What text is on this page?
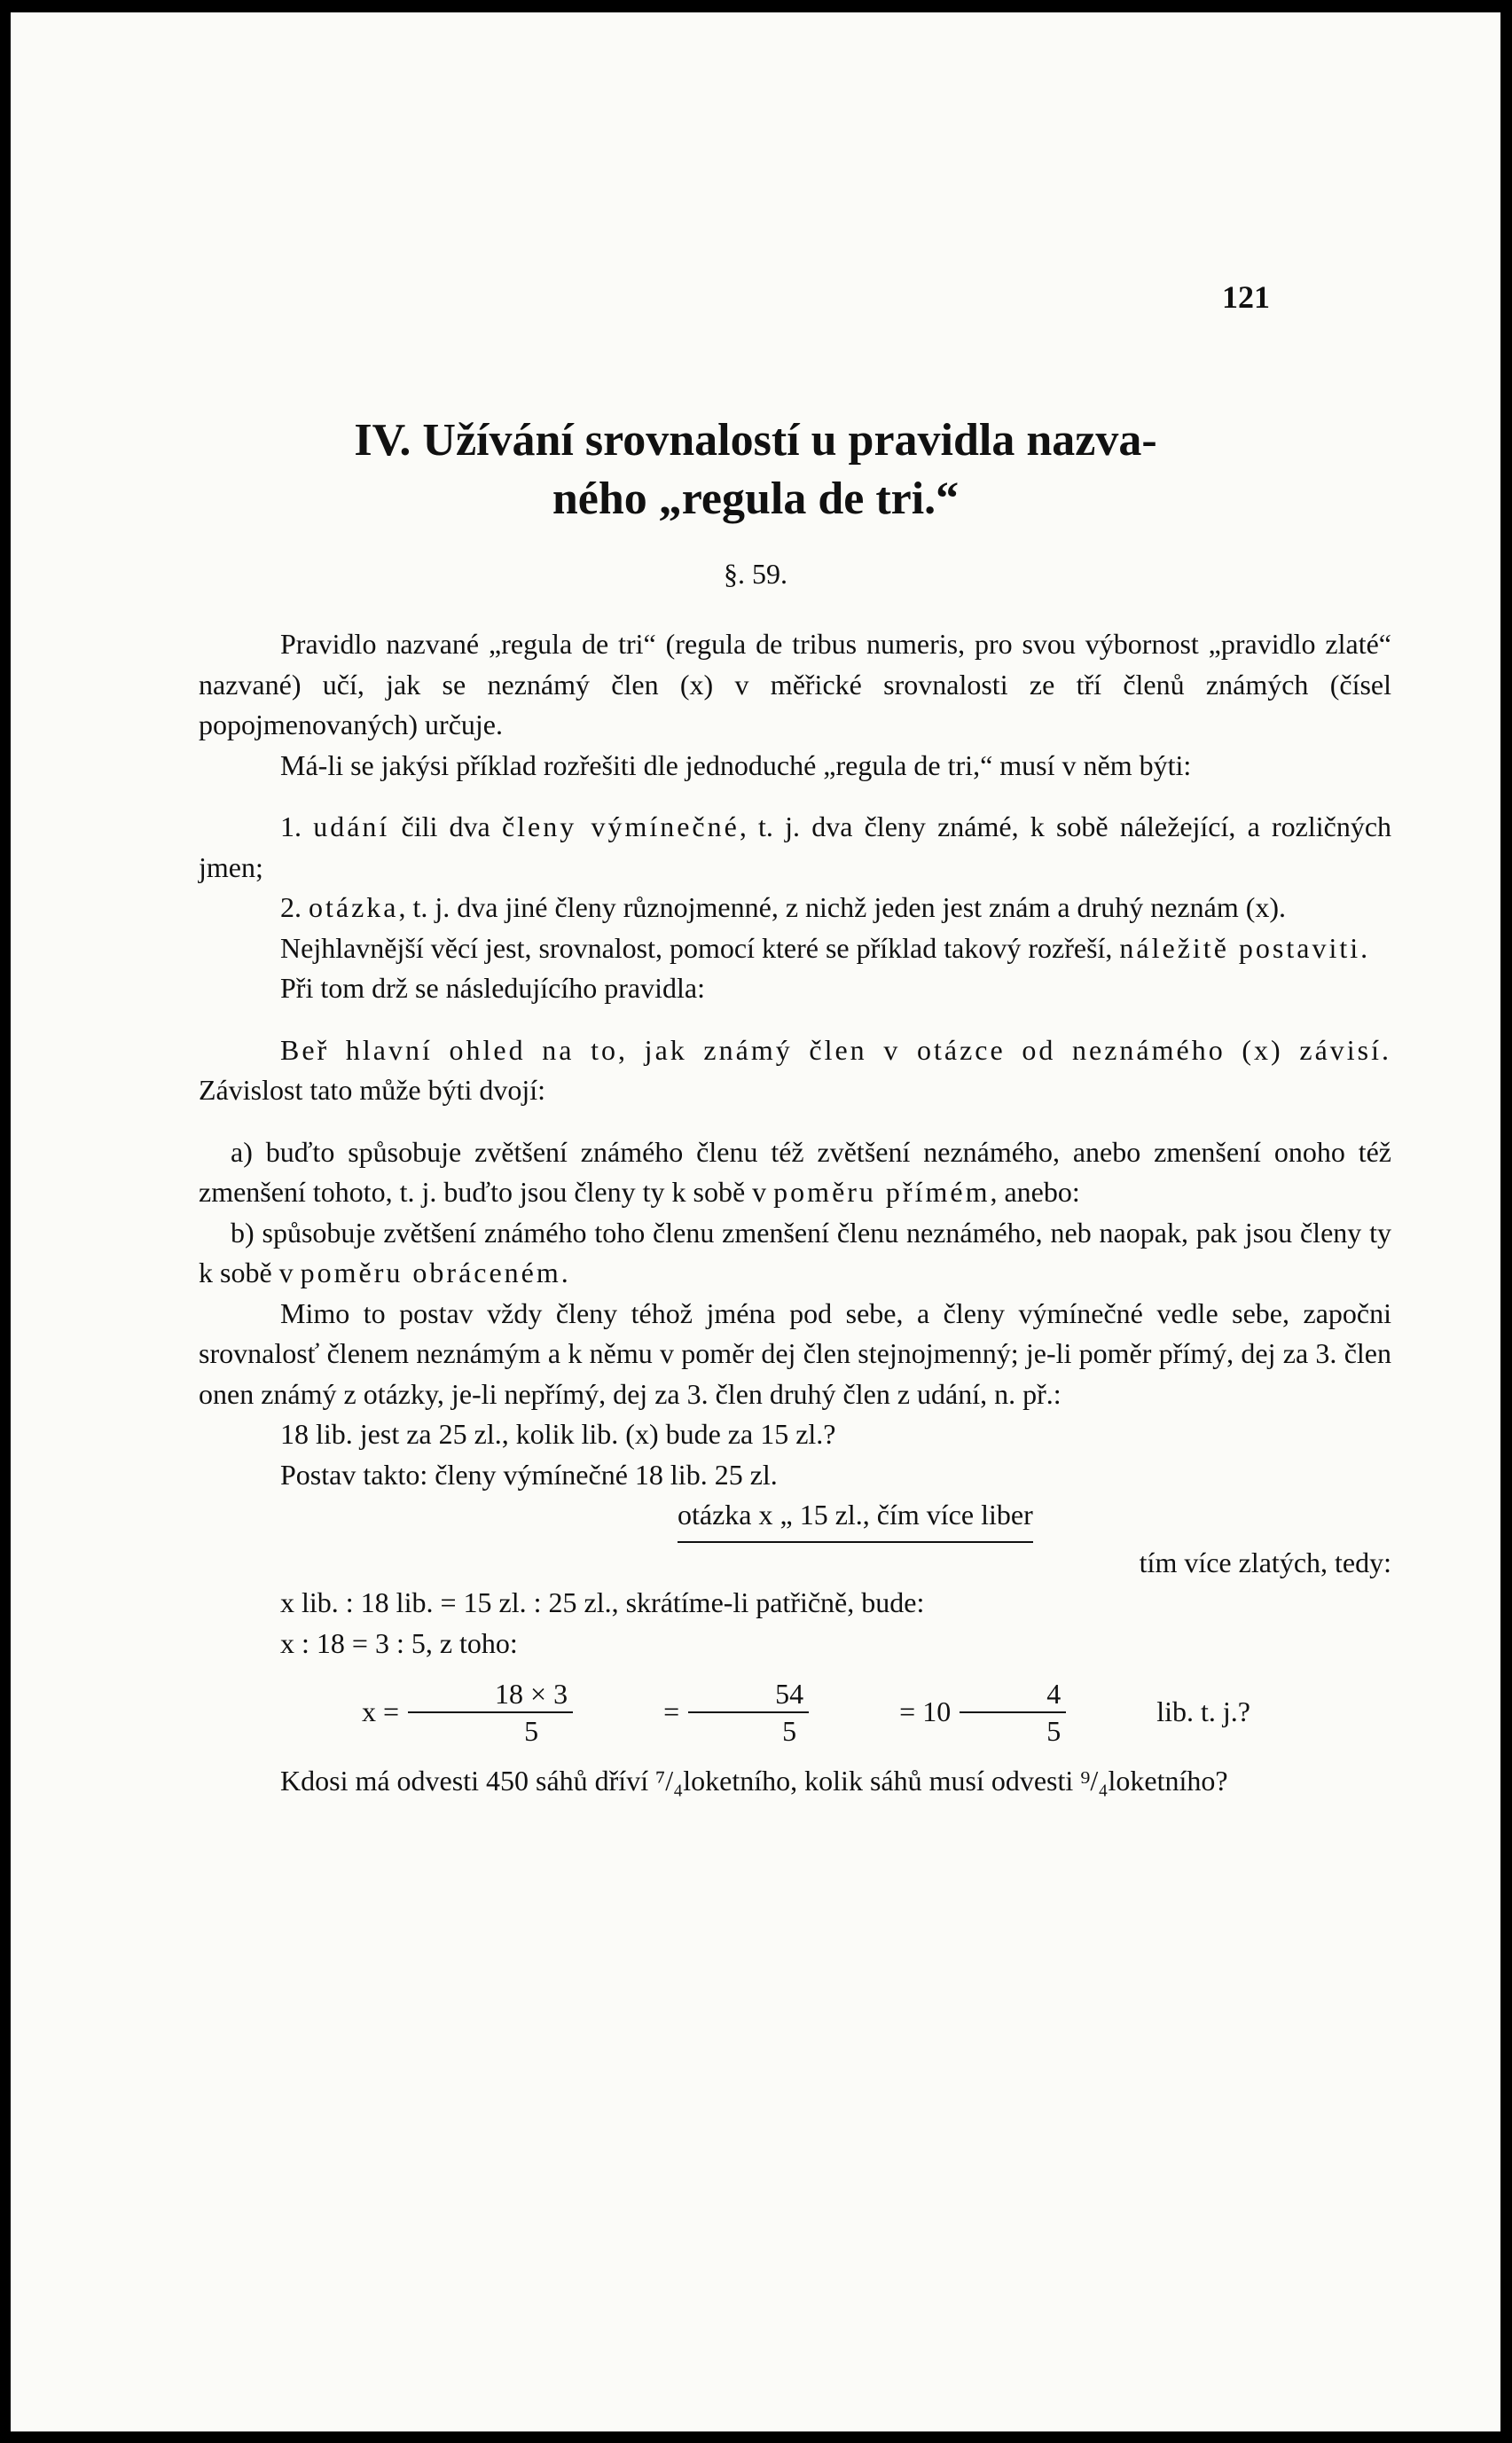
121
IV. Užívání srovnalostí u pravidla nazva-
ného „regula de tri.“
§. 59.

Pravidlo nazvané „regula de tri“ (regula de tribus numeris, pro svou výbornost „pravidlo zlaté“ nazvané) učí, jak se neznámý člen (x) v měřické srovnalosti ze tří členů známých (čísel popojmenovaných) určuje.

Má-li se jakýsi příklad rozřešiti dle jednoduché „regula de tri,“ musí v něm býti:

1. udání čili dva členy výmínečné, t. j. dva členy známé, k sobě náležející, a rozličných jmen;

2. otázka, t. j. dva jiné členy různojmenné, z nichž jeden jest znám a druhý neznám (x).

Nejhlavnější věcí jest, srovnalost, pomocí které se příklad takový rozřeší, náležitě postaviti.

Při tom drž se následujícího pravidla:

Beř hlavní ohled na to, jak známý člen v otázce od neznámého (x) závisí. Závislost tato může býti dvojí:

a) buďto spůsobuje zvětšení známého členu též zvětšení neznámého, anebo zmenšení onoho též zmenšení tohoto, t. j. buďto jsou členy ty k sobě v poměru přímém, anebo:

b) spůsobuje zvětšení známého toho členu zmenšení členu neznámého, neb naopak, pak jsou členy ty k sobě v poměru obráceném.

Mimo to postav vždy členy téhož jména pod sebe, a členy výmínečné vedle sebe, započni srovnalosť členem neznámým a k němu v poměr dej člen stejnojmenný; je-li poměr přímý, dej za 3. člen onen známý z otázky, je-li nepřímý, dej za 3. člen druhý člen z udání, n. př.:

18 lib. jest za 25 zl., kolik lib. (x) bude za 15 zl.?

Postav takto: členy výmínečné 18 lib. 25 zl.

otázka x „ 15 zl., čím více liber

tím více zlatých, tedy:

x lib. : 18 lib. = 15 zl. : 25 zl., skrátíme-li patřičně, bude:

x : 18 = 3 : 5, z toho:

$x = \frac{18 \times 3}{5}$	= $\frac{54}{5}$	= $10 \frac{4}{5}$	lib. t. j.?

Kdosi má odvesti 450 sáhů dříví ⁷/₄loketního, kolik sáhů musí odvesti ⁹/₄loketního?
